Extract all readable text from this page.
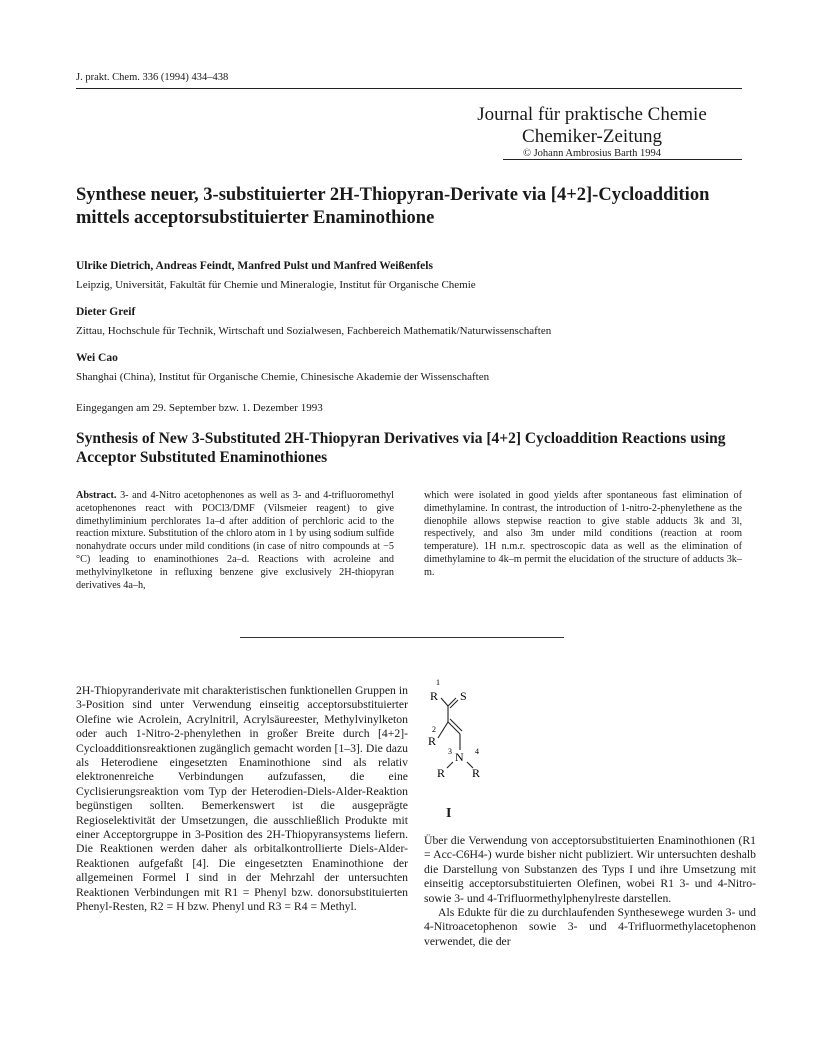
J. prakt. Chem. 336 (1994) 434–438
Journal für praktische Chemie
Chemiker-Zeitung
© Johann Ambrosius Barth 1994
Synthese neuer, 3-substituierter 2H-Thiopyran-Derivate via [4+2]-Cycloaddition mittels acceptorsubstituierter Enaminothione
Ulrike Dietrich, Andreas Feindt, Manfred Pulst und Manfred Weißenfels
Leipzig, Universität, Fakultät für Chemie und Mineralogie, Institut für Organische Chemie
Dieter Greif
Zittau, Hochschule für Technik, Wirtschaft und Sozialwesen, Fachbereich Mathematik/Naturwissenschaften
Wei Cao
Shanghai (China), Institut für Organische Chemie, Chinesische Akademie der Wissenschaften
Eingegangen am 29. September bzw. 1. Dezember 1993
Synthesis of New 3-Substituted 2H-Thiopyran Derivatives via [4+2] Cycloaddition Reactions using Acceptor Substituted Enaminothiones
Abstract. 3- and 4-Nitro acetophenones as well as 3- and 4-trifluoromethyl acetophenones react with POCl3/DMF (Vilsmeier reagent) to give dimethyliminium perchlorates 1a–d after addition of perchloric acid to the reaction mixture. Substitution of the chloro atom in 1 by using sodium sulfide nonahydrate occurs under mild conditions (in case of nitro compounds at −5 °C) leading to enaminothiones 2a–d. Reactions with acroleine and methylvinylketone in refluxing benzene give exclusively 2H-thiopyran derivatives 4a–h,
which were isolated in good yields after spontaneous fast elimination of dimethylamine. In contrast, the introduction of 1-nitro-2-phenylethene as the dienophile allows stepwise reaction to give stable adducts 3k and 3l, respectively, and also 3m under mild conditions (reaction at room temperature). 1H n.m.r. spectroscopic data as well as the elimination of dimethylamine to 4k–m permit the elucidation of the structure of adducts 3k–m.

2H-Thiopyranderivate mit charakteristischen funktionellen Gruppen in 3-Position sind unter Verwendung einseitig acceptorsubstituierter Olefine wie Acrolein, Acrylnitril, Acrylsäureester, Methylvinylketon oder auch 1-Nitro-2-phenylethen in großer Breite durch [4+2]-Cycloadditionsreaktionen zugänglich gemacht worden [1–3]. Die dazu als Heterodiene eingesetzten Enaminothione sind als relativ elektronenreiche Verbindungen aufzufassen, die eine Cyclisierungsreaktion vom Typ der Heterodien-Diels-Alder-Reaktion begünstigen sollten. Bemerkenswert ist die ausgeprägte Regioselektivität der Umsetzungen, die ausschließlich Produkte mit einer Acceptorgruppe in 3-Position des 2H-Thiopyransystems liefern. Die Reaktionen werden daher als orbitalkontrollierte Diels-Alder-Reaktionen aufgefaßt [4]. Die eingesetzten Enaminothione der allgemeinen Formel I sind in der Mehrzahl der untersuchten Reaktionen Verbindungen mit R1 = Phenyl bzw. donorsubstituierten Phenyl-Resten, R2 = H bzw. Phenyl und R3 = R4 = Methyl.

1
R S
2
R
3 N 4
R R
I

Über die Verwendung von acceptorsubstituierten Enaminothionen (R1 = Acc-C6H4-) wurde bisher nicht publiziert. Wir untersuchten deshalb die Darstellung von Substanzen des Typs I und ihre Umsetzung mit einseitig acceptorsubstituierten Olefinen, wobei R1 3- und 4-Nitro- sowie 3- und 4-Trifluormethylphenylreste darstellen.

Als Edukte für die zu durchlaufenden Synthesewege wurden 3- und 4-Nitroacetophenon sowie 3- und 4-Trifluormethylacetophenon verwendet, die der
